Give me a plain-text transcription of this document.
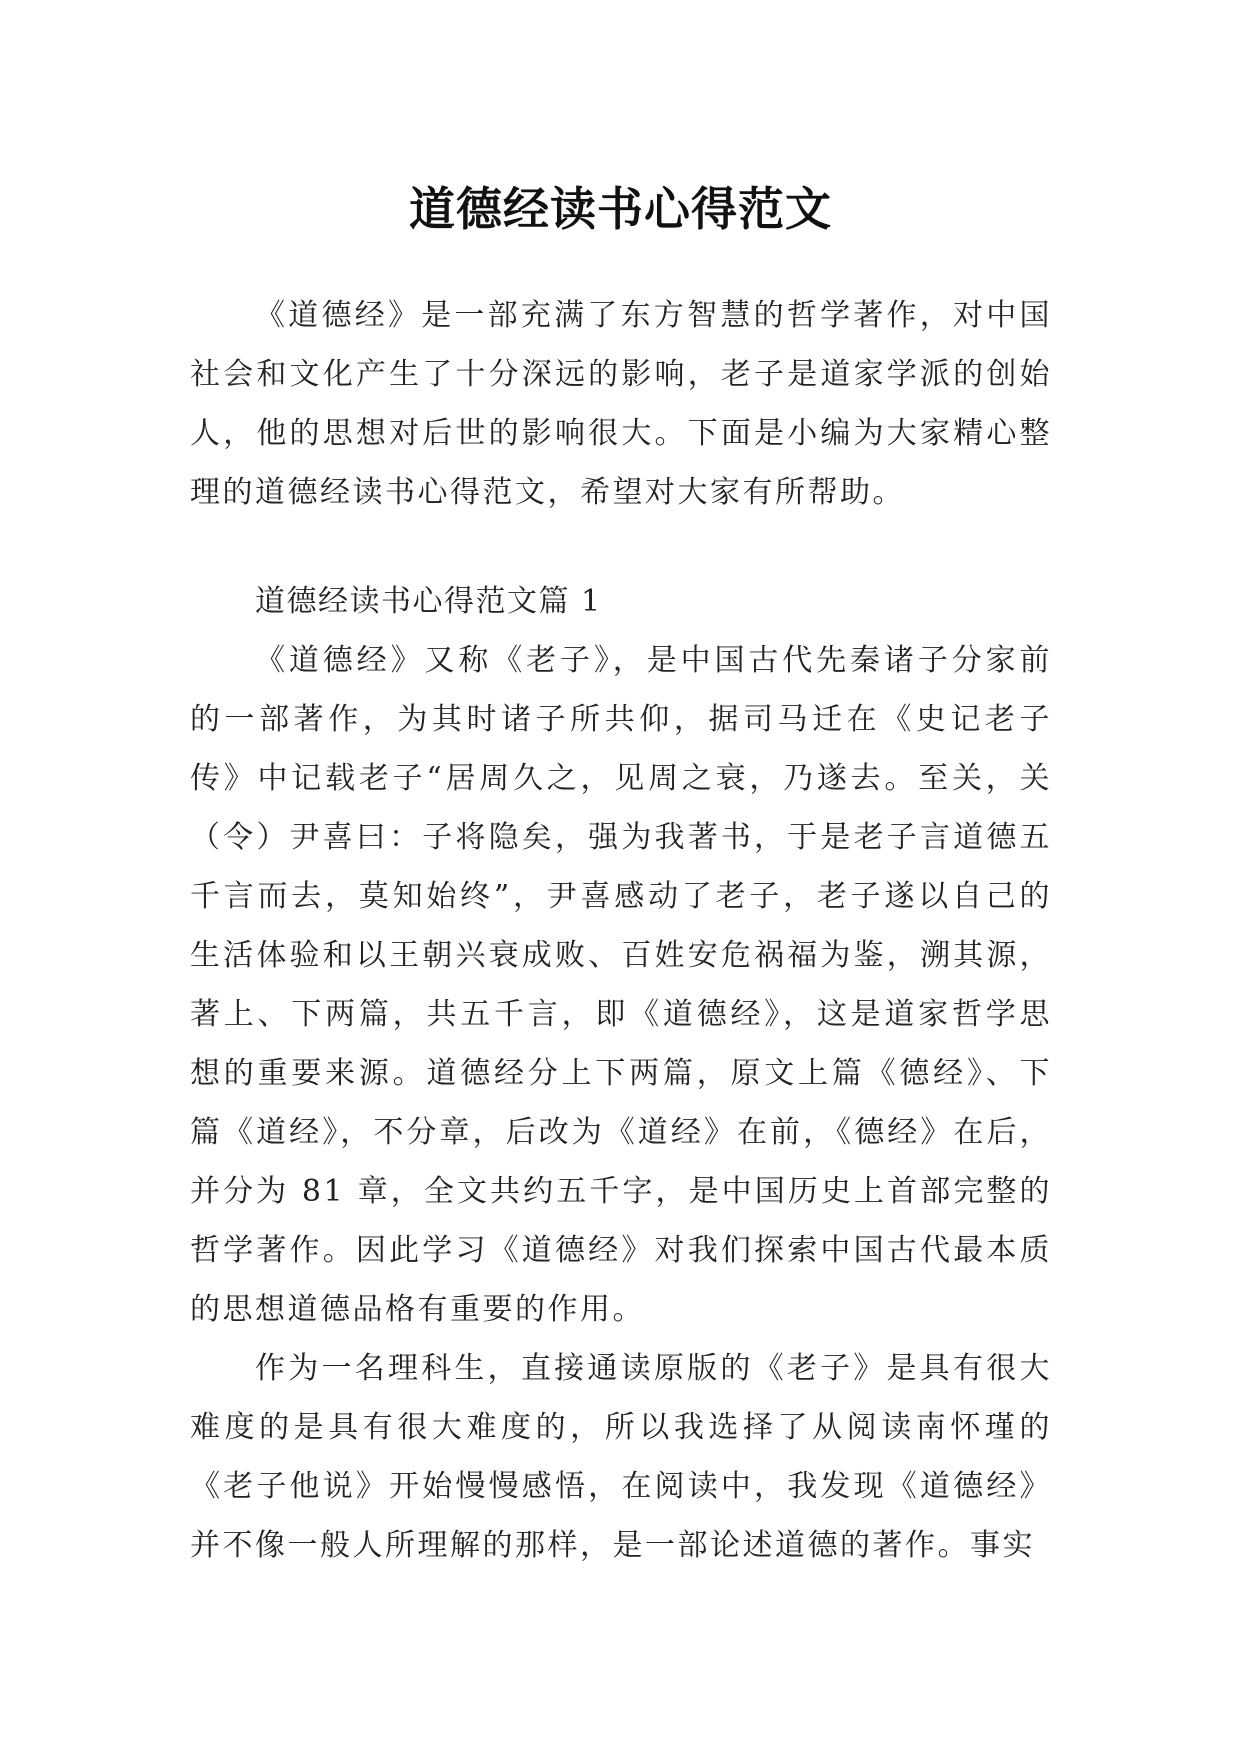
道德经读书心得范文

《道德经》是一部充满了东方智慧的哲学著作，对中国社会和文化产生了十分深远的影响，老子是道家学派的创始人，他的思想对后世的影响很大。下面是小编为大家精心整理的道德经读书心得范文，希望对大家有所帮助。

道德经读书心得范文篇 1

《道德经》又称《老子》，是中国古代先秦诸子分家前的一部著作，为其时诸子所共仰，据司马迁在《史记老子传》中记载老子“居周久之，见周之衰，乃遂去。至关，关（令）尹喜曰：子将隐矣，强为我著书，于是老子言道德五千言而去，莫知始终”，尹喜感动了老子，老子遂以自己的生活体验和以王朝兴衰成败、百姓安危祸福为鉴，溯其源，著上、下两篇，共五千言，即《道德经》，这是道家哲学思想的重要来源。道德经分上下两篇，原文上篇《德经》、下篇《道经》，不分章，后改为《道经》在前，《德经》在后，并分为 81 章，全文共约五千字，是中国历史上首部完整的哲学著作。因此学习《道德经》对我们探索中国古代最本质的思想道德品格有重要的作用。

作为一名理科生，直接通读原版的《老子》是具有很大难度的是具有很大难度的，所以我选择了从阅读南怀瑾的《老子他说》开始慢慢感悟，在阅读中，我发现《道德经》并不像一般人所理解的那样，是一部论述道德的著作。事实
